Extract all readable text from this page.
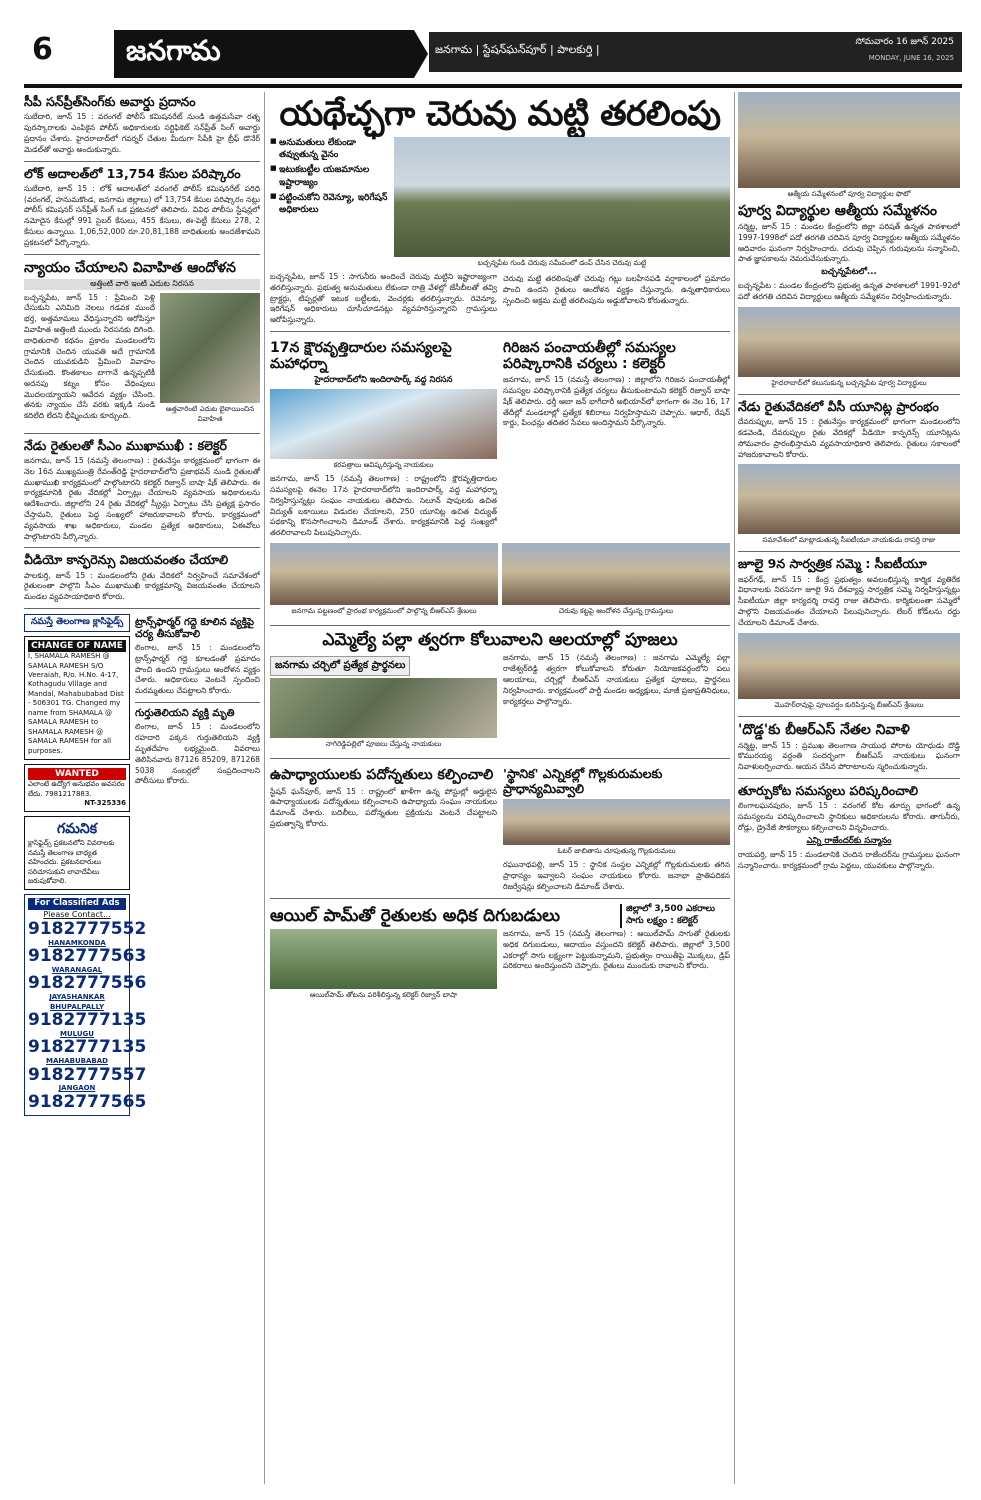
6	జనగామ	జనగామ | స్టేషన్‌ఘన్‌పూర్ | పాలకుర్తి |
సోమవారం 16 జూన్ 2025
MONDAY, JUNE 16, 2025
సీపీ సన్‌ప్రీత్‌సింగ్‌కు అవార్డు ప్రదానం
సుబేదారి, జూన్ 15 : వరంగల్ పోలీస్ కమిషనరేట్ నుండి ఉత్తమసేవా రత్న పురస్కారాలకు ఎంపికైన పోలీస్ అధికారులకు సర్టిఫికెట్ సన్‌ప్రీత్ సింగ్ అవార్డు ప్రదానం చేశారు. హైదరాబాద్‌లో గవర్నర్ చేతుల మీదుగా సీపీకి హై బ్రీఫ్ డొనేర్ మెడల్‌తో అవార్డు అందుకున్నారు.
లోక్ అదాలత్‌లో 13,754 కేసుల పరిష్కారం
సుబేదారి, జూన్ 15 : లోక్ అదాలత్‌లో వరంగల్ పోలీస్ కమిషనరేట్ పరిధి (వరంగల్, హనుమకొండ, జనగామ జిల్లాలు) లో 13,754 కేసుల పరిష్కారం నట్లు పోలీస్ కమిషనర్ సన్‌ప్రీత్ సింగ్ ఒక ప్రకటనలో తెలిపారు. వివిధ పోలీసు స్టేషన్లలో నమోదైన కేసుల్లో 991 సైబర్ కేసులు, 455 కేసులు, ఈ-పెట్టీ కేసులు 278, 2 కేసులు ఉన్నాయి. 1,06,52,000 రూ.20,81,188 బాధితులకు అందజేశామని ప్రకటనలో పేర్కొన్నారు.
న్యాయం చేయాలని వివాహిత ఆందోళన
అత్తింటి వారి ఇంటి ఎదుట నిరసన
బచ్చన్నపేట, జూన్ 15 : ప్రేమించి పెళ్లి చేసుకుని ఎనిమిది నెలలు గడవక ముందే భర్త, అత్తమామలు వేధిస్తున్నారని ఆరోపిస్తూ వివాహిత అత్తింటి ముందు నిరసనకు దిగింది. బాధితురాలి కథనం ప్రకారం మండలంలోని గ్రామానికి చెందిన యువతి అదే గ్రామానికి చెందిన యువకుడిని ప్రేమించి వివాహం చేసుకుంది. కొంతకాలం బాగానే ఉన్నప్పటికీ అదనపు కట్నం కోసం వేధింపులు మొదలయ్యాయని ఆవేదన వ్యక్తం చేసింది. తనకు న్యాయం చేసే వరకు ఇక్కడి నుండి కదిలేది లేదని భీష్మించుకు కూర్చుంది.
అత్తవారింటి ఎదుట బైఠాయించిన వివాహిత
నేడు రైతులతో సీఎం ముఖాముఖీ : కలెక్టర్
జనగామ, జూన్ 15 (నమస్తే తెలంగాణ) : రైతునేస్తం కార్యక్రమంలో భాగంగా ఈ నెల 16న ముఖ్యమంత్రి రేవంత్‌రెడ్డి హైదరాబాద్‌లోని ప్రజాభవన్ నుండి రైతులతో ముఖాముఖి కార్యక్రమంలో పాల్గొంటారని కలెక్టర్ రిజ్వాన్ బాషా షేక్ తెలిపారు. ఈ కార్యక్రమానికి రైతు వేదికల్లో ఏర్పాట్లు చేయాలని వ్యవసాయ అధికారులను ఆదేశించారు. జిల్లాలోని 24 రైతు వేదికల్లో స్క్రీన్లు ఏర్పాటు చేసి ప్రత్యక్ష ప్రసారం చేస్తామని, రైతులు పెద్ద సంఖ్యలో హాజరుకావాలని కోరారు. కార్యక్రమంలో వ్యవసాయ శాఖ అధికారులు, మండల ప్రత్యేక అధికారులు, ఏఈవోలు పాల్గొంటారని పేర్కొన్నారు.
వీడియో కాన్ఫరెన్సు విజయవంతం చేయాలి
పాలకుర్తి, జూన్ 15 : మండలంలోని రైతు వేదికలో నిర్వహించే సమావేశంలో రైతులంతా పాల్గొని సీఎం ముఖాముఖి కార్యక్రమాన్ని విజయవంతం చేయాలని మండల వ్యవసాయాధికారి కోరారు.
నమస్తే తెలంగాణ క్లాసిఫైడ్స్
CHANGE OF NAME
I, SHAMALA RAMESH @ SAMALA RAMESH S/O Veeraiah, R/o. H.No. 4-17, Kothagudu Village and Mandal, Mahabubabad Dist - 506301 TG. Changed my name from SHAMALA @ SAMALA RAMESH to SHAMALA RAMESH @ SAMALA RAMESH for all purposes.
WANTED
ఎలాంటి ఉద్యోగ అనుభవం అవసరం లేదు. 7981217883.
NT-325336
గమనిక
క్లాసిఫైడ్స్ ప్రకటనలోని వివరాలకు నమస్తే తెలంగాణ బాధ్యత వహించదు. ప్రకటనదారులు సరిచూసుకుని లావాదేవీలు జరుపుకోవాలి.
For Classified Ads
Please Contact...
9182777552
HANAMKONDA
9182777563
WARANAGAL
9182777556
JAYASHANKAR BHUPALPALLY
9182777135
MULUGU
9182777135
MAHABUBABAD
9182777557
JANGAON
9182777565
ట్రాన్స్‌ఫార్మర్ గద్దె కూలిన వ్యక్తిపై చర్య తీసుకోవాలి
లింగాల, జూన్ 15 : మండలంలోని ట్రాన్స్‌ఫార్మర్ గద్దె కూలడంతో ప్రమాదం పొంచి ఉందని గ్రామస్తులు ఆందోళన వ్యక్తం చేశారు. అధికారులు వెంటనే స్పందించి మరమ్మతులు చేపట్టాలని కోరారు.
గుర్తుతెలియని వ్యక్తి మృతి
లింగాల, జూన్ 15 : మండలంలోని రహదారి పక్కన గుర్తుతెలియని వ్యక్తి మృతదేహం లభ్యమైంది. వివరాలు తెలిసినవారు 87126 85209, 871268 5038 నంబర్లలో సంప్రదించాలని పోలీసులు కోరారు.
యథేచ్ఛగా చెరువు మట్టి తరలింపు
■ అనుమతులు లేకుండా తవ్వుతున్న వైనం
■ ఇటుకబట్టీల యజమానుల ఇష్టారాజ్యం
■ పట్టించుకోని రెవెన్యూ, ఇరిగేషన్ అధికారులు
బచ్చన్నపేట గుండి చెరువు సమీపంలో డంప్ చేసిన చెరువు మట్టి
బచ్చన్నపేట, జూన్ 15 : సాగునీరు అందించే చెరువు మట్టిని ఇష్టారాజ్యంగా తరలిస్తున్నారు. ప్రభుత్వ అనుమతులు లేకుండా రాత్రి వేళల్లో జేసీబీలతో తవ్వి ట్రాక్టర్లు, టిప్పర్లతో ఇటుక బట్టీలకు, వెంచర్లకు తరలిస్తున్నారు. రెవెన్యూ, ఇరిగేషన్ అధికారులు చూసీచూడనట్లు వ్యవహరిస్తున్నారని గ్రామస్తులు ఆరోపిస్తున్నారు.
చెరువు మట్టి తరలింపుతో చెరువు గట్లు బలహీనపడి వర్షాకాలంలో ప్రమాదం పొంచి ఉందని రైతులు ఆందోళన వ్యక్తం చేస్తున్నారు. ఉన్నతాధికారులు స్పందించి అక్రమ మట్టి తరలింపును అడ్డుకోవాలని కోరుతున్నారు.
17న క్షౌరవృత్తిదారుల సమస్యలపై మహాధర్నా
హైదరాబాద్‌లోని ఇందిరాపార్క్ వద్ద నిరసన
కరపత్రాలు ఆవిష్కరిస్తున్న నాయకులు
జనగామ, జూన్ 15 (నమస్తే తెలంగాణ) : రాష్ట్రంలోని క్షౌరవృత్తిదారుల సమస్యలపై ఈనెల 17న హైదరాబాద్‌లోని ఇందిరాపార్క్ వద్ద మహాధర్నా నిర్వహిస్తున్నట్లు సంఘం నాయకులు తెలిపారు. సెలూన్ షాపులకు ఉచిత విద్యుత్ బకాయిలు విడుదల చేయాలని, 250 యూనిట్ల ఉచిత విద్యుత్ పథకాన్ని కొనసాగించాలని డిమాండ్ చేశారు. కార్యక్రమానికి పెద్ద సంఖ్యలో తరలిరావాలని పిలుపునిచ్చారు.
గిరిజన పంచాయతీల్లో సమస్యల పరిష్కారానికి చర్యలు : కలెక్టర్
జనగామ, జూన్ 15 (నమస్తే తెలంగాణ) : జిల్లాలోని గిరిజన పంచాయతీల్లో సమస్యల పరిష్కారానికి ప్రత్యేక చర్యలు తీసుకుంటామని కలెక్టర్ రిజ్వాన్ బాషా షేక్ తెలిపారు. ధర్తీ ఆబా జన్ భాగీదారీ అభియాన్‌లో భాగంగా ఈ నెల 16, 17 తేదీల్లో మండలాల్లో ప్రత్యేక శిబిరాలు నిర్వహిస్తామని చెప్పారు. ఆధార్, రేషన్ కార్డు, పింఛన్లు తదితర సేవలు అందిస్తామని పేర్కొన్నారు.
జనగామ పట్టణంలో ప్రారంభ కార్యక్రమంలో పాల్గొన్న బీఆర్‌ఎస్ శ్రేణులు	చెరువు కట్టపై ఆందోళన చేస్తున్న గ్రామస్తులు
ఎమ్మెల్యే పల్లా త్వరగా కోలువాలని ఆలయాల్లో పూజలు
జనగామ చర్చిలో ప్రత్యేక ప్రార్థనలు
నాగిరెడ్డిపల్లిలో పూజలు చేస్తున్న నాయకులు
జనగామ, జూన్ 15 (నమస్తే తెలంగాణ) : జనగామ ఎమ్మెల్యే పల్లా రాజేశ్వర్‌రెడ్డి త్వరగా కోలుకోవాలని కోరుతూ నియోజకవర్గంలోని పలు ఆలయాలు, చర్చిల్లో బీఆర్‌ఎస్ నాయకులు ప్రత్యేక పూజలు, ప్రార్థనలు నిర్వహించారు. కార్యక్రమంలో పార్టీ మండల అధ్యక్షులు, మాజీ ప్రజాప్రతినిధులు, కార్యకర్తలు పాల్గొన్నారు.
ఉపాధ్యాయులకు పదోన్నతులు కల్పించాలి
స్టేషన్ ఘన్‌పూర్, జూన్ 15 : రాష్ట్రంలో ఖాళీగా ఉన్న పోస్టుల్లో అర్హులైన ఉపాధ్యాయులకు పదోన్నతులు కల్పించాలని ఉపాధ్యాయ సంఘం నాయకులు డిమాండ్ చేశారు. బదిలీలు, పదోన్నతుల ప్రక్రియను వెంటనే చేపట్టాలని ప్రభుత్వాన్ని కోరారు.
'స్థానిక' ఎన్నికల్లో గొల్లకురుమలకు ప్రాధాన్యమివ్వాలి
ఓటర్ జాబితాను చూపుతున్న గొల్లకురుమలు
రఘునాథపల్లి, జూన్ 15 : స్థానిక సంస్థల ఎన్నికల్లో గొల్లకురుమలకు తగిన ప్రాధాన్యం ఇవ్వాలని సంఘం నాయకులు కోరారు. జనాభా ప్రాతిపదికన రిజర్వేషన్లు కల్పించాలని డిమాండ్ చేశారు.
ఆయిల్ పామ్‌తో రైతులకు అధిక దిగుబడులు	జిల్లాలో 3,500 ఎకరాలు సాగు లక్ష్యం : కలెక్టర్
ఆయిల్‌పామ్ తోటను పరిశీలిస్తున్న కలెక్టర్ రిజ్వాన్ బాషా
జనగామ, జూన్ 15 (నమస్తే తెలంగాణ) : ఆయిల్‌పామ్ సాగుతో రైతులకు అధిక దిగుబడులు, ఆదాయం వస్తుందని కలెక్టర్ తెలిపారు. జిల్లాలో 3,500 ఎకరాల్లో సాగు లక్ష్యంగా పెట్టుకున్నామని, ప్రభుత్వం రాయితీపై మొక్కలు, డ్రిప్ పరికరాలు అందిస్తుందని చెప్పారు. రైతులు ముందుకు రావాలని కోరారు.
ఆత్మీయ సమ్మేళనంలో పూర్వ విద్యార్థుల ఫొటో
పూర్వ విద్యార్థుల ఆత్మీయ సమ్మేళనం
నర్మెట్ట, జూన్ 15 : మండల కేంద్రంలోని జిల్లా పరిషత్ ఉన్నత పాఠశాలలో 1997-1998లో పదో తరగతి చదివిన పూర్వ విద్యార్థుల ఆత్మీయ సమ్మేళనం ఆదివారం ఘనంగా నిర్వహించారు. చదువు చెప్పిన గురువులను సన్మానించి, పాత జ్ఞాపకాలను నెమరువేసుకున్నారు.
బచ్చన్నపేటలో...
బచ్చన్నపేట : మండల కేంద్రంలోని ప్రభుత్వ ఉన్నత పాఠశాలలో 1991-92లో పదో తరగతి చదివిన విద్యార్థులు ఆత్మీయ సమ్మేళనం నిర్వహించుకున్నారు.
హైదరాబాద్‌లో కలుసుకున్న బచ్చన్నపేట పూర్వ విద్యార్థులు
నేడు రైతువేదికలో వీసీ యూనిట్ల ప్రారంభం
దేవరుప్పుల, జూన్ 15 : రైతునేస్తం కార్యక్రమంలో భాగంగా మండలంలోని కడవెండి, దేవరుప్పుల రైతు వేదికల్లో వీడియో కాన్ఫరెన్స్ యూనిట్లను సోమవారం ప్రారంభిస్తామని వ్యవసాయాధికారి తెలిపారు. రైతులు సకాలంలో హాజరుకావాలని కోరారు.
సమావేశంలో మాట్లాడుతున్న సీఐటీయూ నాయకుడు రాపర్తి రాజు
జూలై 9న సార్వత్రిక సమ్మె : సీఐటీయూ
జఫర్‌గఢ్, జూన్ 15 : కేంద్ర ప్రభుత్వం అవలంభిస్తున్న కార్మిక వ్యతిరేక విధానాలకు నిరసనగా జూలై 9న దేశవ్యాప్త సార్వత్రిక సమ్మె నిర్వహిస్తున్నట్లు సీఐటీయూ జిల్లా కార్యదర్శి రాపర్తి రాజు తెలిపారు. కార్మికులంతా సమ్మెలో పాల్గొని విజయవంతం చేయాలని పిలుపునిచ్చారు. లేబర్ కోడ్‌లను రద్దు చేయాలని డిమాండ్ చేశారు.
మొహర్‌రావుపై పూలవర్షం కురిపిస్తున్న బీఆర్‌ఎస్ శ్రేణులు
'దొడ్డ'కు బీఆర్‌ఎస్ నేతల నివాళి
నర్మెట్ట, జూన్ 15 : ప్రముఖ తెలంగాణ సాయుధ పోరాట యోధుడు దొడ్డి కొమురయ్య వర్ధంతి సందర్భంగా బీఆర్‌ఎస్ నాయకులు ఘనంగా నివాళులర్పించారు. ఆయన చేసిన పోరాటాలను స్మరించుకున్నారు.
తూర్పుకోట సమస్యలు పరిష్కరించాలి
లింగాలఘనపురం, జూన్ 15 : వరంగల్ కోట తూర్పు భాగంలో ఉన్న సమస్యలను పరిష్కరించాలని స్థానికులు అధికారులను కోరారు. తాగునీరు, రోడ్లు, డ్రైనేజీ సౌకర్యాలు కల్పించాలని విన్నవించారు.
ఎన్ని రాజేందర్‌కు సన్మానం
రాయపర్తి, జూన్ 15 : మండలానికి చెందిన రాజేందర్‌ను గ్రామస్తులు ఘనంగా సన్మానించారు. కార్యక్రమంలో గ్రామ పెద్దలు, యువకులు పాల్గొన్నారు.
